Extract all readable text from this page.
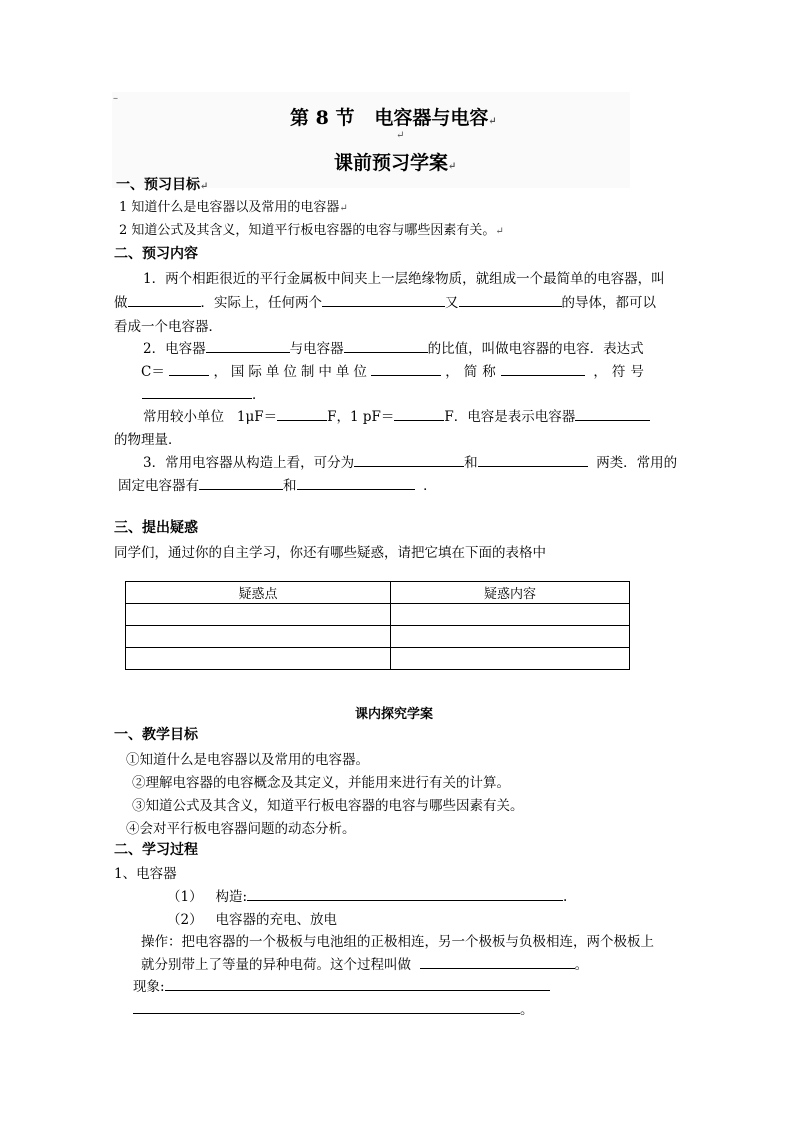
–
第 8 节 电容器与电容↵
↵
课前预习学案↵
一、预习目标↵
1 知道什么是电容器以及常用的电容器↵
2 知道公式及其含义，知道平行板电容器的电容与哪些因素有关。↵
二、预习内容
1．两个相距很近的平行金属板中间夹上一层绝缘物质，就组成一个最简单的电容器，叫
做	．实际上，任何两个	又	的导体，都可以
看成一个电容器．
2．电容器	与电容器	的比值，叫做电容器的电容．表达式
C＝	，国际单位制中单位	，简称	，符号
．
常用较小单位 1μF＝	F，1 pF＝	F．电容是表示电容器
的物理量．
3．常用电容器从构造上看，可分为	和	两类．常用的
固定电容器有	和	．
三、提出疑惑
同学们，通过你的自主学习，你还有哪些疑惑，请把它填在下面的表格中
疑惑点	疑惑内容

课内探究学案
一、教学目标
①知道什么是电容器以及常用的电容器。
②理解电容器的电容概念及其定义，并能用来进行有关的计算。
③知道公式及其含义，知道平行板电容器的电容与哪些因素有关。
④会对平行板电容器问题的动态分析。
二、学习过程
1、电容器
（1） 构造:	.
（2） 电容器的充电、放电
操作：把电容器的一个极板与电池组的正极相连，另一个极板与负极相连，两个极板上
就分别带上了等量的异种电荷。这个过程叫做	。
现象:
。
